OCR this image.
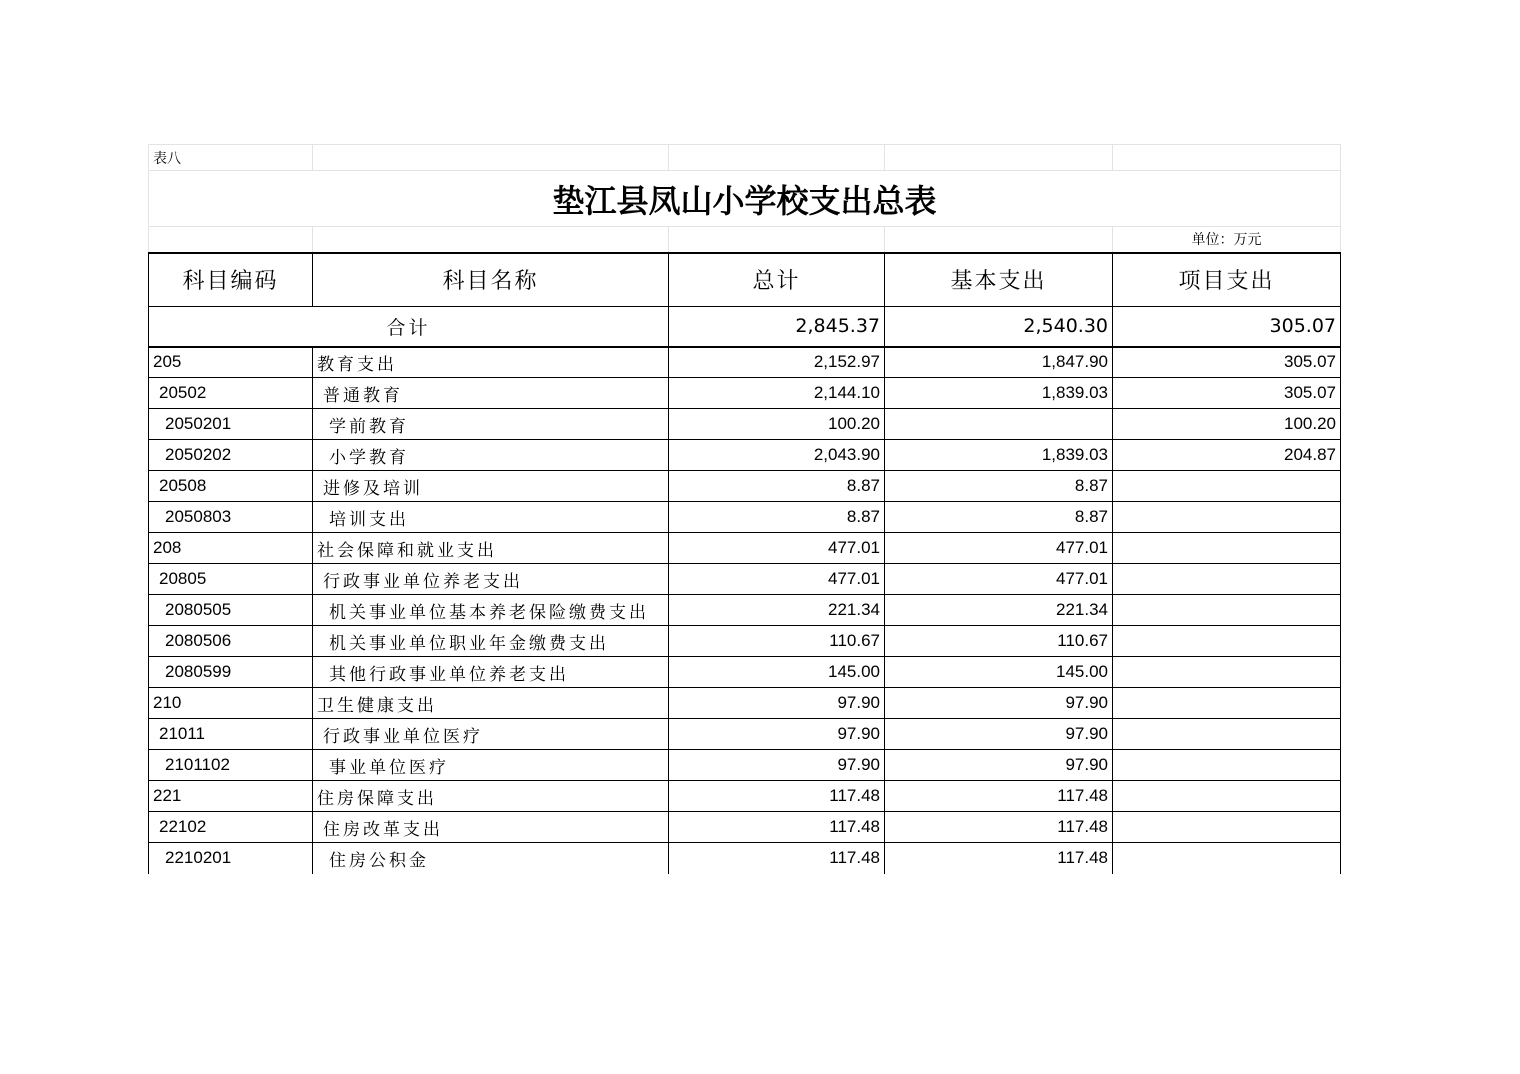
表八				
垫江县凤山小学校支出总表				
				单位：万元
科目编码	科目名称	总计	基本支出	项目支出
合计		2,845.37	2,540.30	305.07
205	教育支出	2,152.97	1,847.90	305.07
20502	普通教育	2,144.10	1,839.03	305.07
2050201	学前教育	100.20		100.20
2050202	小学教育	2,043.90	1,839.03	204.87
20508	进修及培训	8.87	8.87	
2050803	培训支出	8.87	8.87	
208	社会保障和就业支出	477.01	477.01	
20805	行政事业单位养老支出	477.01	477.01	
2080505	机关事业单位基本养老保险缴费支出	221.34	221.34	
2080506	机关事业单位职业年金缴费支出	110.67	110.67	
2080599	其他行政事业单位养老支出	145.00	145.00	
210	卫生健康支出	97.90	97.90	
21011	行政事业单位医疗	97.90	97.90	
2101102	事业单位医疗	97.90	97.90	
221	住房保障支出	117.48	117.48	
22102	住房改革支出	117.48	117.48	
2210201	住房公积金	117.48	117.48	
